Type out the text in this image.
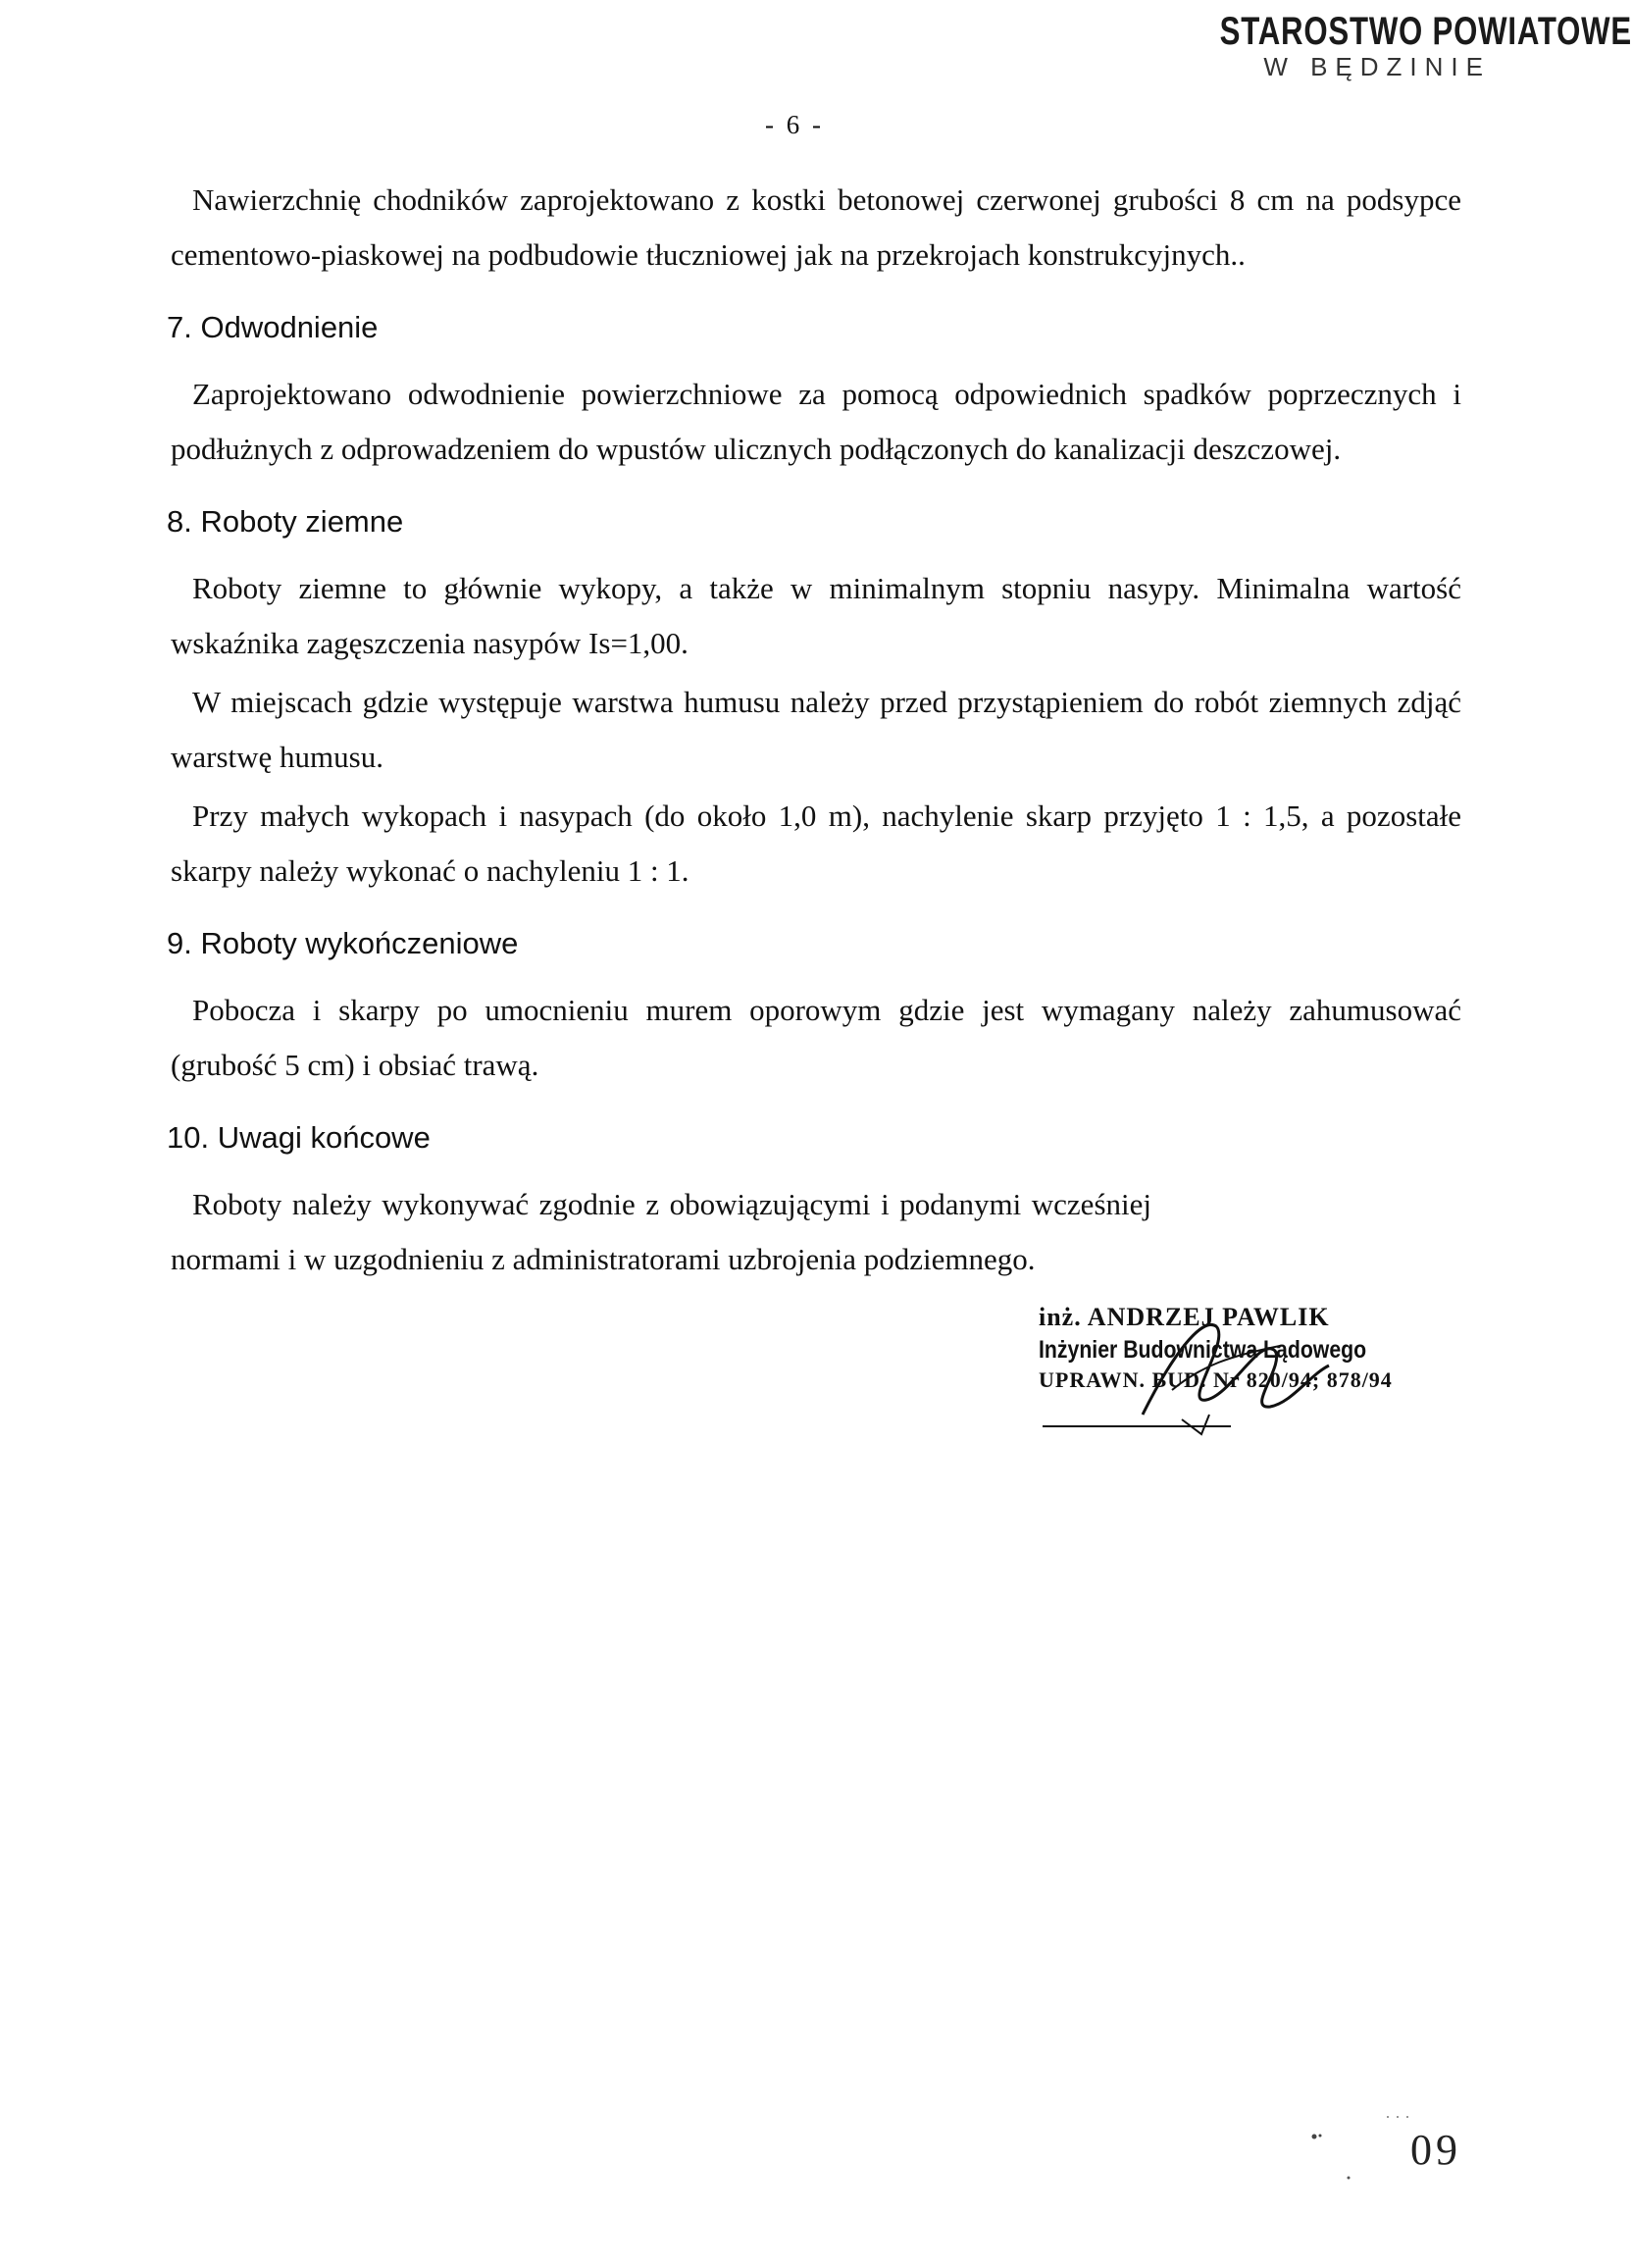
STAROSTWO POWIATOWE
W BĘDZINIE
- 6 -

Nawierzchnię chodników zaprojektowano z kostki betonowej czerwonej grubości 8 cm na podsypce cementowo-piaskowej na podbudowie tłuczniowej jak na przekrojach konstrukcyjnych..

7. Odwodnienie

Zaprojektowano odwodnienie powierzchniowe za pomocą odpowiednich spadków poprzecznych i podłużnych z odprowadzeniem do wpustów ulicznych podłączonych do kanalizacji deszczowej.

8. Roboty ziemne

Roboty ziemne to głównie wykopy, a także w minimalnym stopniu nasypy. Minimalna wartość wskaźnika zagęszczenia nasypów Is=1,00.

W miejscach gdzie występuje warstwa humusu należy przed przystąpieniem do robót ziemnych zdjąć warstwę humusu.

Przy małych wykopach i nasypach (do około 1,0 m), nachylenie skarp przyjęto 1 : 1,5, a pozostałe skarpy należy wykonać o nachyleniu 1 : 1.

9. Roboty wykończeniowe

Pobocza i skarpy po umocnieniu murem oporowym gdzie jest wymagany należy zahumusować (grubość 5 cm) i obsiać trawą.

10. Uwagi końcowe

Roboty należy wykonywać zgodnie z obowiązującymi i podanymi wcześniej normami i w uzgodnieniu z administratorami uzbrojenia podziemnego.

inż. ANDRZEJ PAWLIK
Inżynier Budownictwa Lądowego
UPRAWN. BUD. Nr 820/94; 878/94
09
